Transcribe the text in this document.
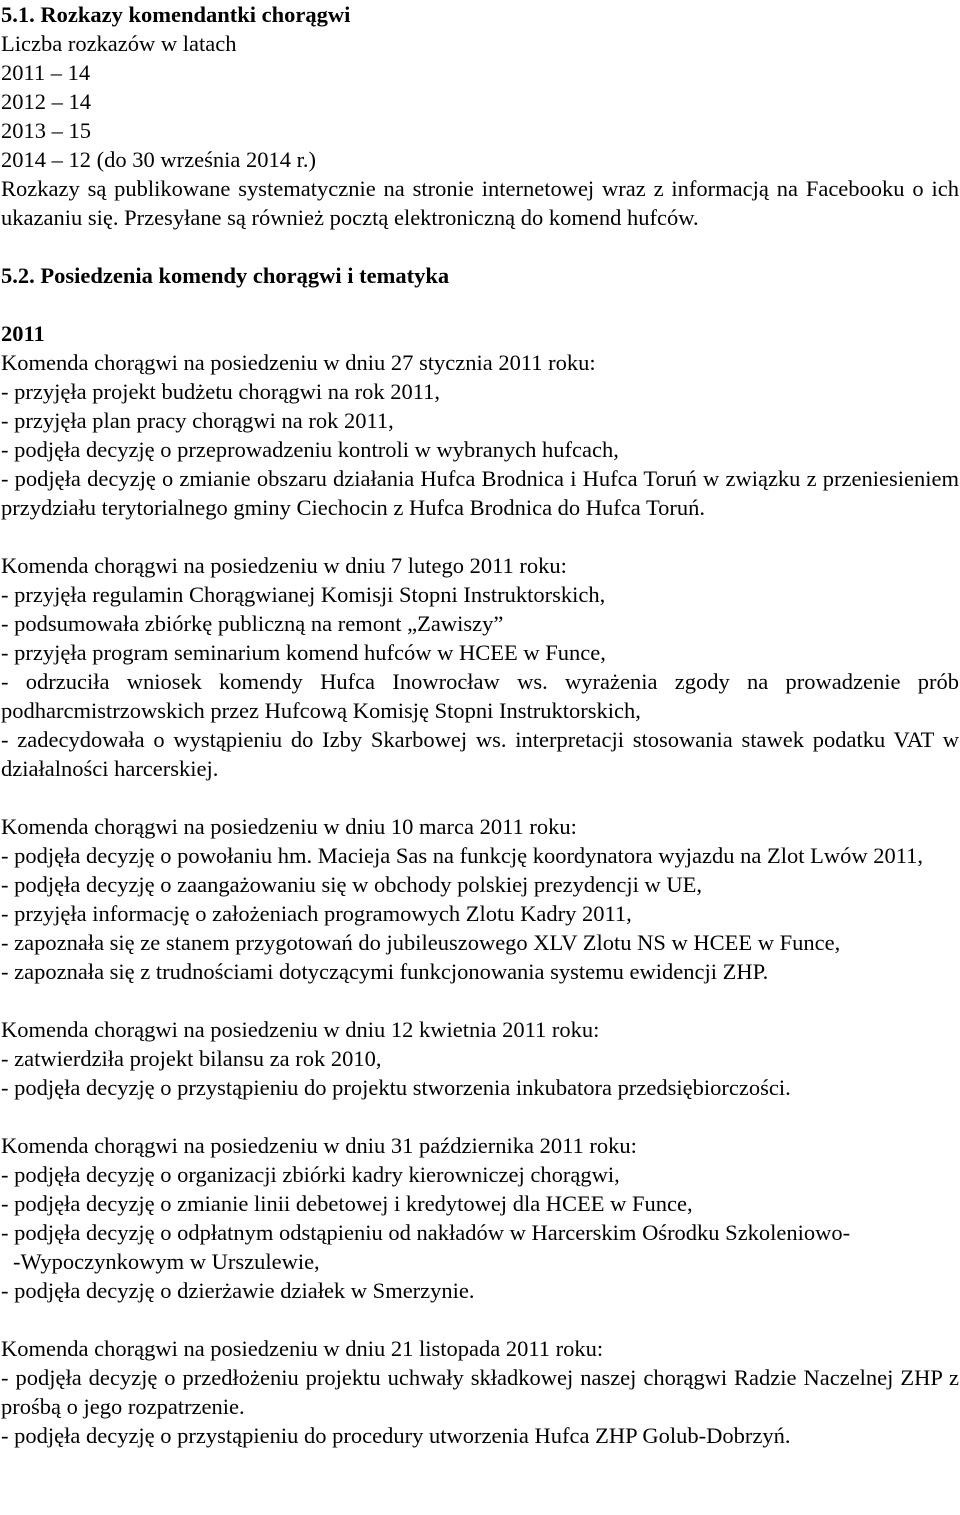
5.1. Rozkazy komendantki chorągwi

Liczba rozkazów w latach

2011 – 14

2012 – 14

2013 – 15

2014 – 12 (do 30 września 2014 r.)

Rozkazy są publikowane systematycznie na stronie internetowej wraz z informacją na Facebooku o ich ukazaniu się. Przesyłane są również pocztą elektroniczną do komend hufców.

5.2. Posiedzenia komendy chorągwi i tematyka

2011

Komenda chorągwi na posiedzeniu w dniu 27 stycznia 2011 roku:

- przyjęła projekt budżetu chorągwi na rok 2011,

- przyjęła plan pracy chorągwi na rok 2011,

- podjęła decyzję o przeprowadzeniu kontroli w wybranych hufcach,

- podjęła decyzję o zmianie obszaru działania Hufca Brodnica i Hufca Toruń w związku z przeniesieniem przydziału terytorialnego gminy Ciechocin z Hufca Brodnica do Hufca Toruń.

Komenda chorągwi na posiedzeniu w dniu 7 lutego 2011 roku:

- przyjęła regulamin Chorągwianej Komisji Stopni Instruktorskich,

- podsumowała zbiórkę publiczną na remont „Zawiszy”

- przyjęła program seminarium komend hufców w HCEE w Funce,

- odrzuciła wniosek komendy Hufca Inowrocław ws. wyrażenia zgody na prowadzenie prób podharcmistrzowskich przez Hufcową Komisję Stopni Instruktorskich,

- zadecydowała o wystąpieniu do Izby Skarbowej ws. interpretacji stosowania stawek podatku VAT w działalności harcerskiej.

Komenda chorągwi na posiedzeniu w dniu 10 marca 2011 roku:

- podjęła decyzję o powołaniu hm. Macieja Sas na funkcję koordynatora wyjazdu na Zlot Lwów 2011,

- podjęła decyzję o zaangażowaniu się w obchody polskiej prezydencji w UE,

- przyjęła informację o założeniach programowych Zlotu Kadry 2011,

- zapoznała się ze stanem przygotowań do jubileuszowego XLV Zlotu NS w HCEE w Funce,

- zapoznała się z trudnościami dotyczącymi funkcjonowania systemu ewidencji ZHP.

Komenda chorągwi na posiedzeniu w dniu 12 kwietnia 2011 roku:

- zatwierdziła projekt bilansu za rok 2010,

- podjęła decyzję o przystąpieniu do projektu stworzenia inkubatora przedsiębiorczości.

Komenda chorągwi na posiedzeniu w dniu 31 października 2011 roku:

- podjęła decyzję o organizacji zbiórki kadry kierowniczej chorągwi,

- podjęła decyzję o zmianie linii debetowej i kredytowej dla HCEE w Funce,

- podjęła decyzję o odpłatnym odstąpieniu od nakładów w Harcerskim Ośrodku Szkoleniowo-

-Wypoczynkowym w Urszulewie,

- podjęła decyzję o dzierżawie działek w Smerzynie.

Komenda chorągwi na posiedzeniu w dniu 21 listopada 2011 roku:

- podjęła decyzję o przedłożeniu projektu uchwały składkowej naszej chorągwi Radzie Naczelnej ZHP z prośbą o jego rozpatrzenie.

- podjęła decyzję o przystąpieniu do procedury utworzenia Hufca ZHP Golub-Dobrzyń.
